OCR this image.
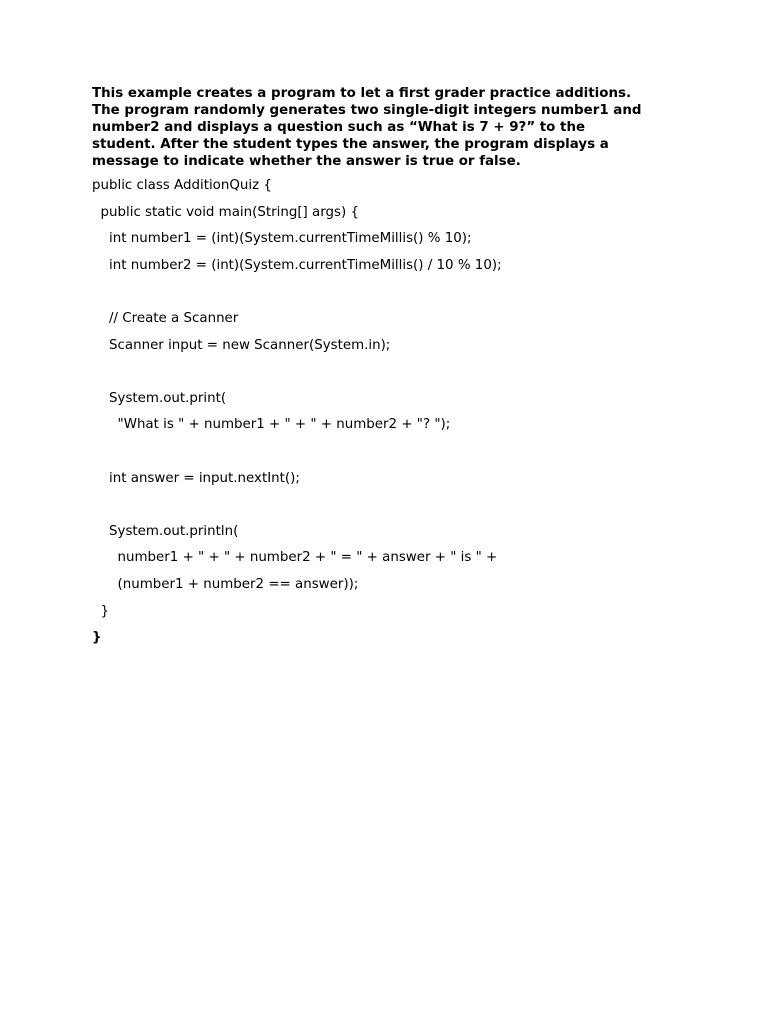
This example creates a program to let a first grader practice additions.
The program randomly generates two single-digit integers number1 and
number2 and displays a question such as “What is 7 + 9?” to the
student. After the student types the answer, the program displays a
message to indicate whether the answer is true or false.
public class AdditionQuiz {
public static void main(String[] args) {
int number1 = (int)(System.currentTimeMillis() % 10);
int number2 = (int)(System.currentTimeMillis() / 10 % 10);
// Create a Scanner
Scanner input = new Scanner(System.in);
System.out.print(
"What is " + number1 + " + " + number2 + "? ");
int answer = input.nextInt();
System.out.println(
number1 + " + " + number2 + " = " + answer + " is " +
(number1 + number2 == answer));
}
}
